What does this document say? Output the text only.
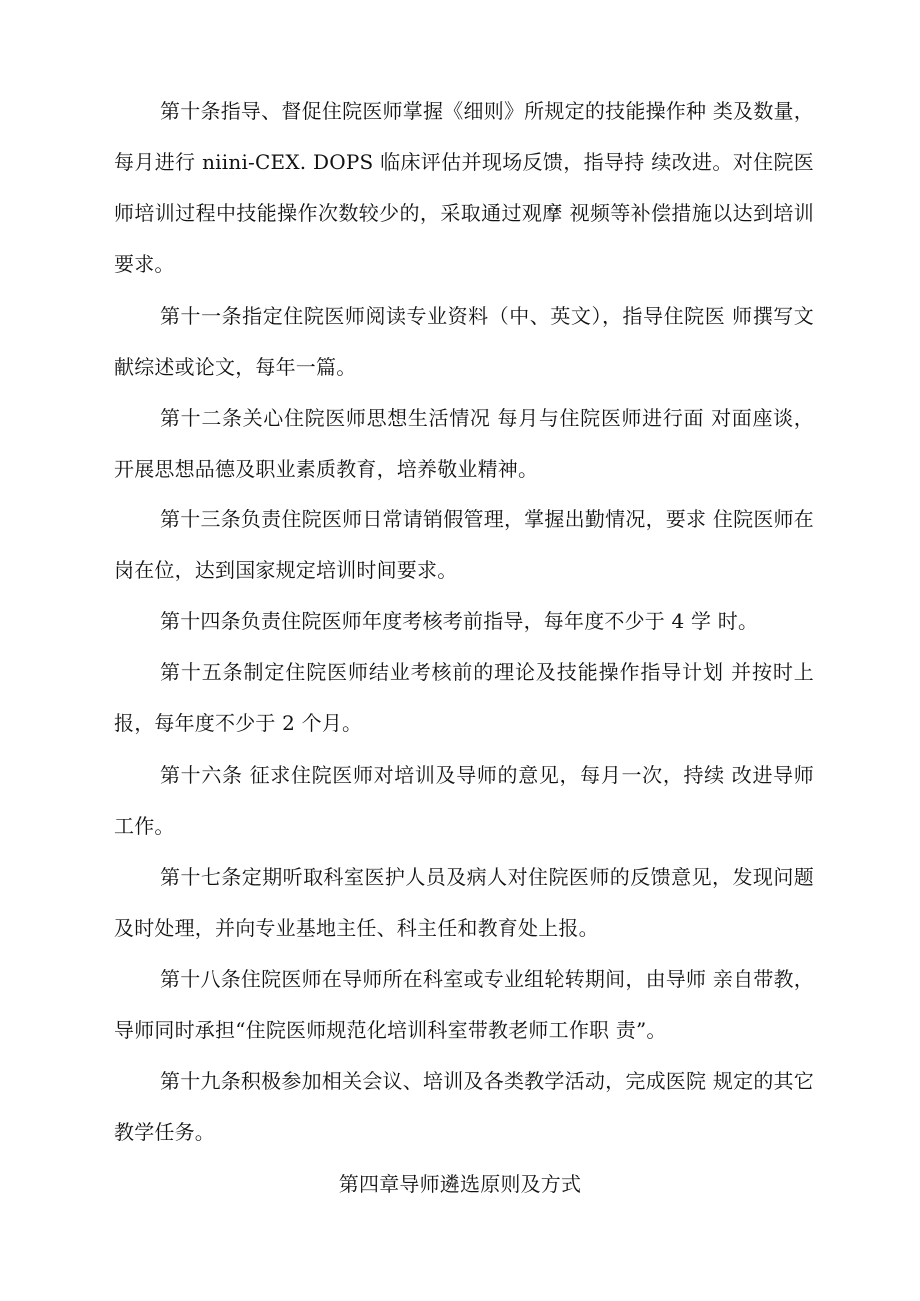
第十条指导、督促住院医师掌握《细则》所规定的技能操作种 类及数量，每月进行 niini-CEX. DOPS 临床评估并现场反馈，指导持 续改进。对住院医师培训过程中技能操作次数较少的，采取通过观摩 视频等补偿措施以达到培训要求。

第十一条指定住院医师阅读专业资料（中、英文），指导住院医 师撰写文献综述或论文，每年一篇。

第十二条关心住院医师思想生活情况 每月与住院医师进行面 对面座谈，开展思想品德及职业素质教育，培养敬业精神。

第十三条负责住院医师日常请销假管理，掌握出勤情况，要求 住院医师在岗在位，达到国家规定培训时间要求。

第十四条负责住院医师年度考核考前指导，每年度不少于 4 学 时。

第十五条制定住院医师结业考核前的理论及技能操作指导计划 并按时上报，每年度不少于 2 个月。

第十六条 征求住院医师对培训及导师的意见，每月一次，持续 改进导师工作。

第十七条定期听取科室医护人员及病人对住院医师的反馈意见，发现问题及时处理，并向专业基地主任、科主任和教育处上报。

第十八条住院医师在导师所在科室或专业组轮转期间，由导师 亲自带教，导师同时承担“住院医师规范化培训科室带教老师工作职 责”。

第十九条积极参加相关会议、培训及各类教学活动，完成医院 规定的其它教学任务。

第四章导师遴选原则及方式
